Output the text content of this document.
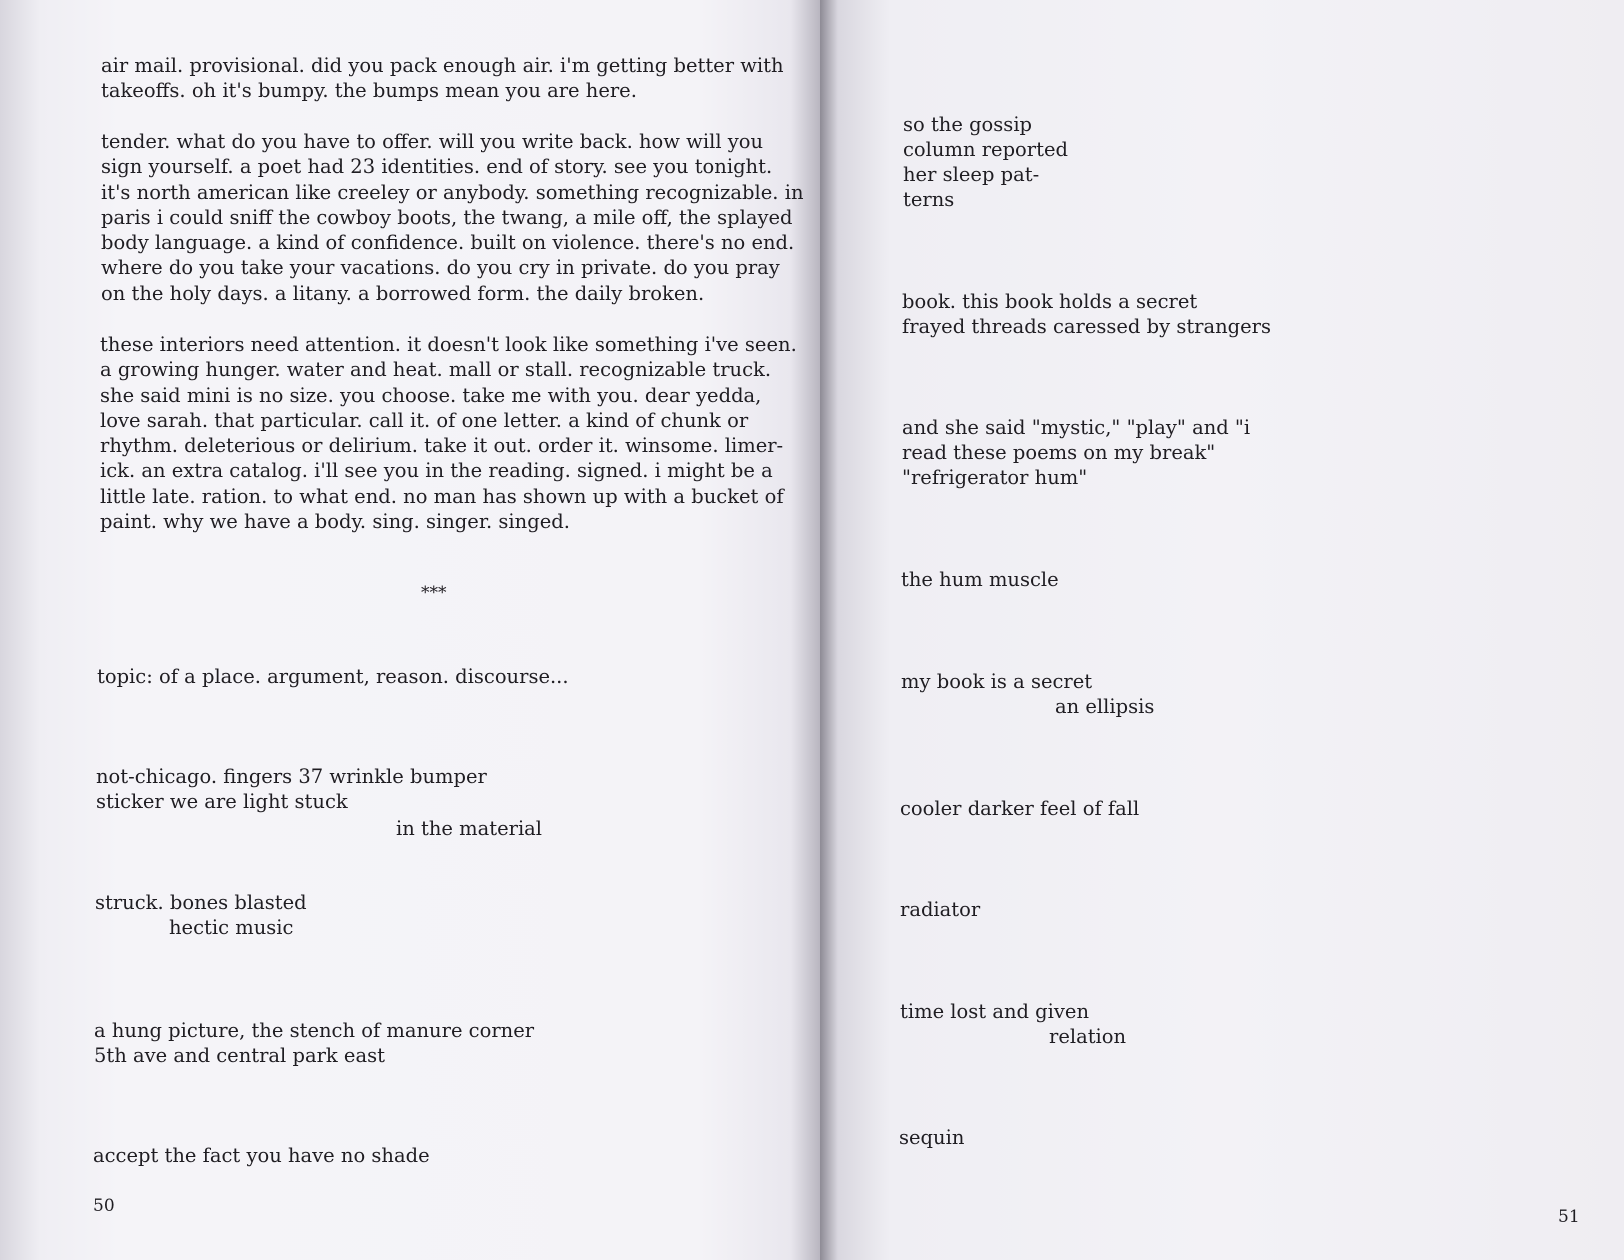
air mail. provisional. did you pack enough air. i'm getting better with
takeoffs. oh it's bumpy. the bumps mean you are here.
tender. what do you have to offer. will you write back. how will you
sign yourself. a poet had 23 identities. end of story. see you tonight.
it's north american like creeley or anybody. something recognizable. in
paris i could sniff the cowboy boots, the twang, a mile off, the splayed
body language. a kind of confidence. built on violence. there's no end.
where do you take your vacations. do you cry in private. do you pray
on the holy days. a litany. a borrowed form. the daily broken.
these interiors need attention. it doesn't look like something i've seen.
a growing hunger. water and heat. mall or stall. recognizable truck.
she said mini is no size. you choose. take me with you. dear yedda,
love sarah. that particular. call it. of one letter. a kind of chunk or
rhythm. deleterious or delirium. take it out. order it. winsome. limer-
ick. an extra catalog. i'll see you in the reading. signed. i might be a
little late. ration. to what end. no man has shown up with a bucket of
paint. why we have a body. sing. singer. singed.
***
topic: of a place. argument, reason. discourse...
not-chicago. fingers 37 wrinkle bumper
sticker we are light stuck
in the material
struck. bones blasted
hectic music
a hung picture, the stench of manure corner
5th ave and central park east
accept the fact you have no shade
50
so the gossip
column reported
her sleep pat-
terns
book. this book holds a secret
frayed threads caressed by strangers
and she said "mystic," "play" and "i
read these poems on my break"
"refrigerator hum"
the hum muscle
my book is a secret
an ellipsis
cooler darker feel of fall
radiator
time lost and given
relation
sequin
51
